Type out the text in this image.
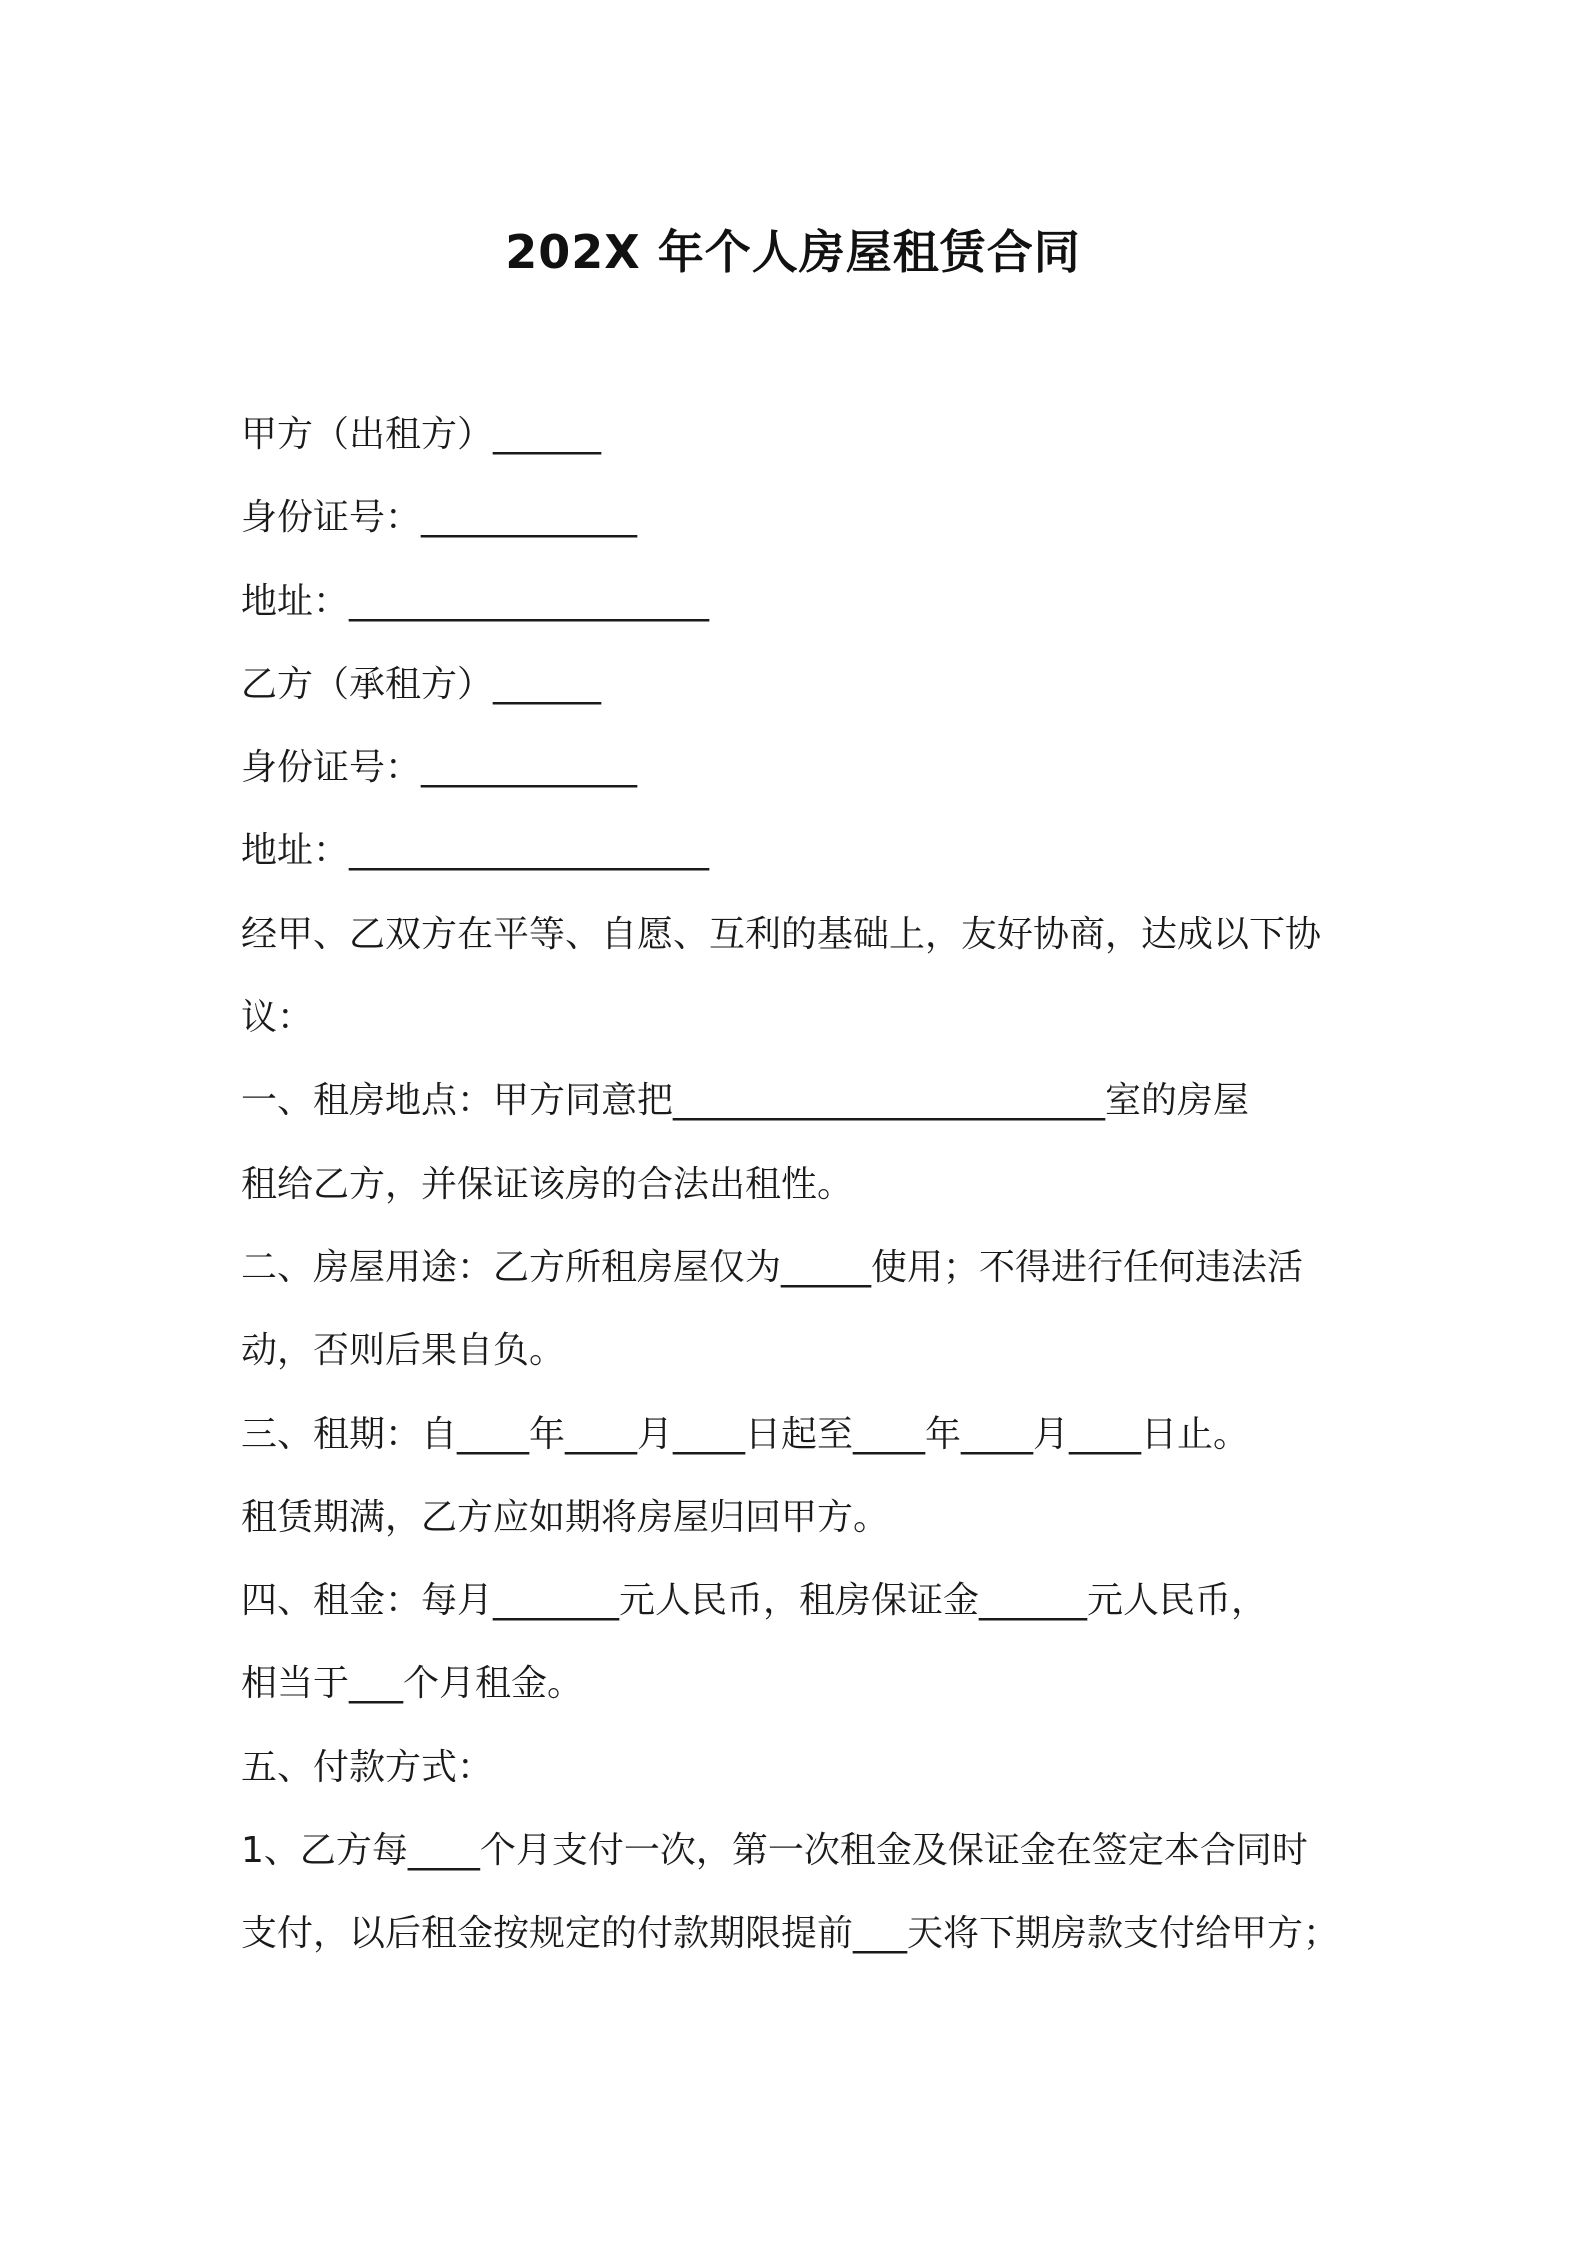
202X 年个人房屋租赁合同
甲方（出租方）______
身份证号：____________
地址：____________________
乙方（承租方）______
身份证号：____________
地址：____________________
经甲、乙双方在平等、自愿、互利的基础上，友好协商，达成以下协
议：
一、租房地点：甲方同意把________________________室的房屋
租给乙方，并保证该房的合法出租性。
二、房屋用途：乙方所租房屋仅为_____使用；不得进行任何违法活
动，否则后果自负。
三、租期：自____年____月____日起至____年____月____日止。
租赁期满，乙方应如期将房屋归回甲方。
四、租金：每月_______元人民币，租房保证金______元人民币，
相当于___个月租金。
五、付款方式：
1、乙方每____个月支付一次，第一次租金及保证金在签定本合同时
支付，以后租金按规定的付款期限提前___天将下期房款支付给甲方；
